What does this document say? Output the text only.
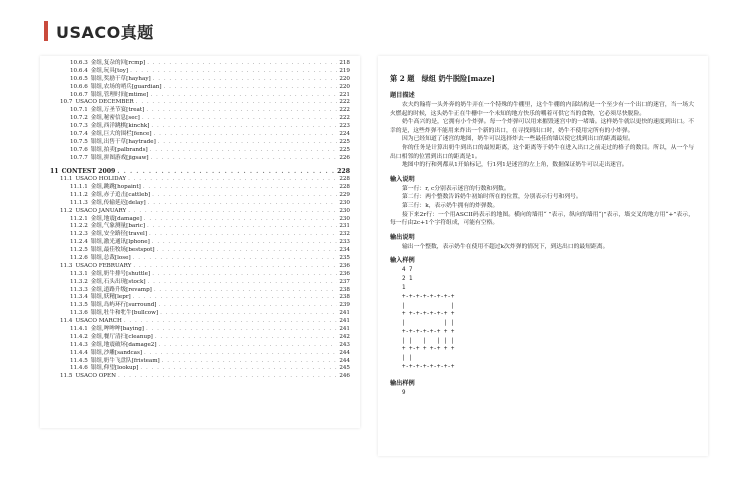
USACO真题
10.6.3 金组,复杂的回[rcmp] . . .	218
10.6.4 金组,玩具[toy] . . .	219
10.6.5 银组,奖励干草[hayhay] . . .	220
10.6.6 银组,农场的哨兵[guardian] . . .	220
10.6.7 银组,管理时间[mtime] . . .	221
10.7 USACO DECEMBER . . .	222
10.7.1 金组,万圣节宴[treat] . . .	222
10.7.2 金组,秘密信息[sec] . . .	222
10.7.3 金组,西洋跳棋[kinchk] . . .	223
10.7.4 金组,巨大的围栏[fence] . . .	224
10.7.5 银组,出售干草[haytrade] . . .	225
10.7.6 银组,拍卖[palbrands] . . .	225
10.7.7 银组,拼图游戏[jigsaw] . . .	226
11 CONTEST 2009 . . .	228
11.1 USACO HOLIDAY . . .	228
11.1.1 金组,跳跳[hopaint] . . .	228
11.1.2 金组,赤子追击[cattleb] . . .	229
11.1.3 金组,传输延迟[delay] . . .	230
11.2 USACO JANUARY . . .	230
11.2.1 金组,地震[damage] . . .	230
11.2.2 金组,气象测量[baric] . . .	231
11.2.3 金组,安全路径[travel] . . .	232
11.2.4 银组,激光通讯[lphone] . . .	233
11.2.5 银组,最佳牧场[bestspot] . . .	234
11.2.6 银组,总裁[lose] . . .	235
11.3 USACO FEBRUARY . . .	236
11.3.1 金组,奶牛排号[shuttle] . . .	236
11.3.2 金组,石头出现[stock] . . .	237
11.3.3 金组,道路升级[revamp] . . .	238
11.3.4 银组,妖精[lepr] . . .	238
11.3.5 银组,岛屿环行[surround] . . .	239
11.3.6 银组,牡牛和牝牛[bullcow] . . .	241
11.4 USACO MARCH . . .	241
11.4.1 金组,哞哞哞[baying] . . .	241
11.4.2 金组,餐厅清扫[cleanup] . . .	242
11.4.3 金组,地震破坏[damage2] . . .	243
11.4.4 银组,沙雕[sandcas] . . .	244
11.4.5 银组,奶牛飞盘队[fristeam] . . .	244
11.4.6 银组,仰望[lookup] . . .	245
11.5 USACO OPEN . . .	246
第 2 题　绿组 奶牛脱险[maze]
题目描述
农夫约翰将一头外奔的奶牛弄在一个特殊的牛棚里，这个牛棚的内部结构是一个至少有一个出口的迷宫，当一场大火燃起的时候，这头奶牛正在牛栅中一个未知的地方快乐的嚼着可供它当的食物，它必须尽快脱险。
奶牛高兴的是，它拥有小个炸弹。每一个炸弹可以用来摧毁迷宫中的一堵墙。这样奶牛就以更快的速度到出口。不幸的是，这些炸弹不能用来炸出一个新的出口，在寻找到出口时，奶牛不使用完所有的小炸弹。
因为已经知道了迷宫的地图，奶牛可以选择炸去一些最佳的墙以使它找到出口的距离最短。
你的任务是计算出奶牛到出口的最短距离，这个距离等于奶牛在进入出口之前走过的格子的数目。所以，从一个与出口相邻的位置到出口的距离是1。
地图中的行和列都从1开始标记，行1列1是迷宫的左上角，数据保证奶牛可以走出迷宫。
输入说明
第一行：r, c分别表示迷宫的行数和列数。
第二行：两个整数告诉奶牛初始时所在的位置，分别表示行号和列号。
第三行：k，表示奶牛拥有的炸弹数。
接下来2r行：一个用ASCII码表示的地图。横向的墙用“ ”表示，纵向的墙用“|”表示，墙交叉的地方用“+”表示，每一行由2c+1个字符组成，可能有空格。
输出说明
输出一个整数，表示奶牛在使用不超过k次炸弹的情况下，到达出口的最短距离。
输入样例
4 7
2 1
1
+-+-+-+-+-+-+-+
|             |
+ +-+-+-+-+-+ +
|           | |
+-+-+-+-+-+ + +
| |   |   | | |
+ +-+ + +-+ + +
| |
+-+-+-+-+-+-+-+
输出样例
9
